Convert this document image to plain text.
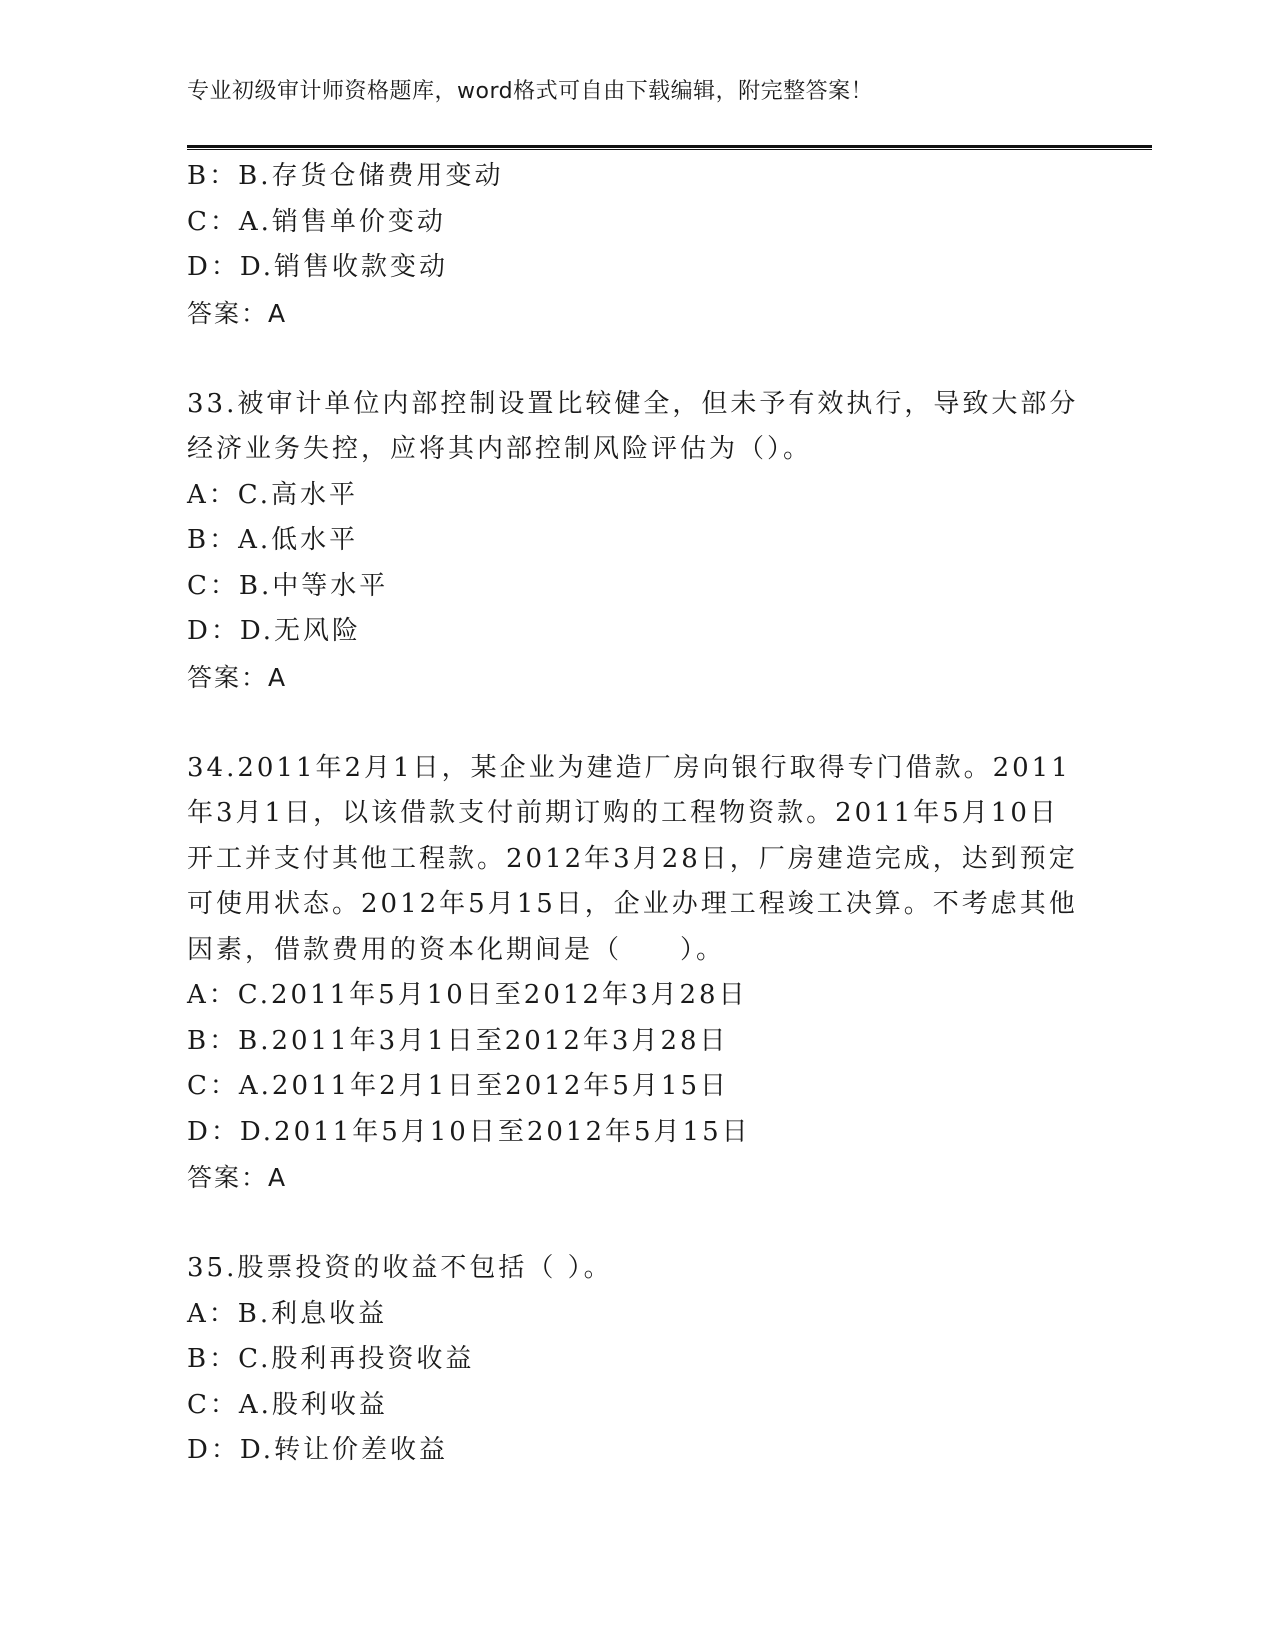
专业初级审计师资格题库，word格式可自由下载编辑，附完整答案！
B：B.存货仓储费用变动
C：A.销售单价变动
D：D.销售收款变动
答案：A
33.被审计单位内部控制设置比较健全，但未予有效执行，导致大部分
经济业务失控，应将其内部控制风险评估为（）。
A：C.高水平
B：A.低水平
C：B.中等水平
D：D.无风险
答案：A
34.2011年2月1日，某企业为建造厂房向银行取得专门借款。2011
年3月1日，以该借款支付前期订购的工程物资款。2011年5月10日
开工并支付其他工程款。2012年3月28日，厂房建造完成，达到预定
可使用状态。2012年5月15日，企业办理工程竣工决算。不考虑其他
因素，借款费用的资本化期间是（　　）。
A：C.2011年5月10日至2012年3月28日
B：B.2011年3月1日至2012年3月28日
C：A.2011年2月1日至2012年5月15日
D：D.2011年5月10日至2012年5月15日
答案：A
35.股票投资的收益不包括（ ）。
A：B.利息收益
B：C.股利再投资收益
C：A.股利收益
D：D.转让价差收益
